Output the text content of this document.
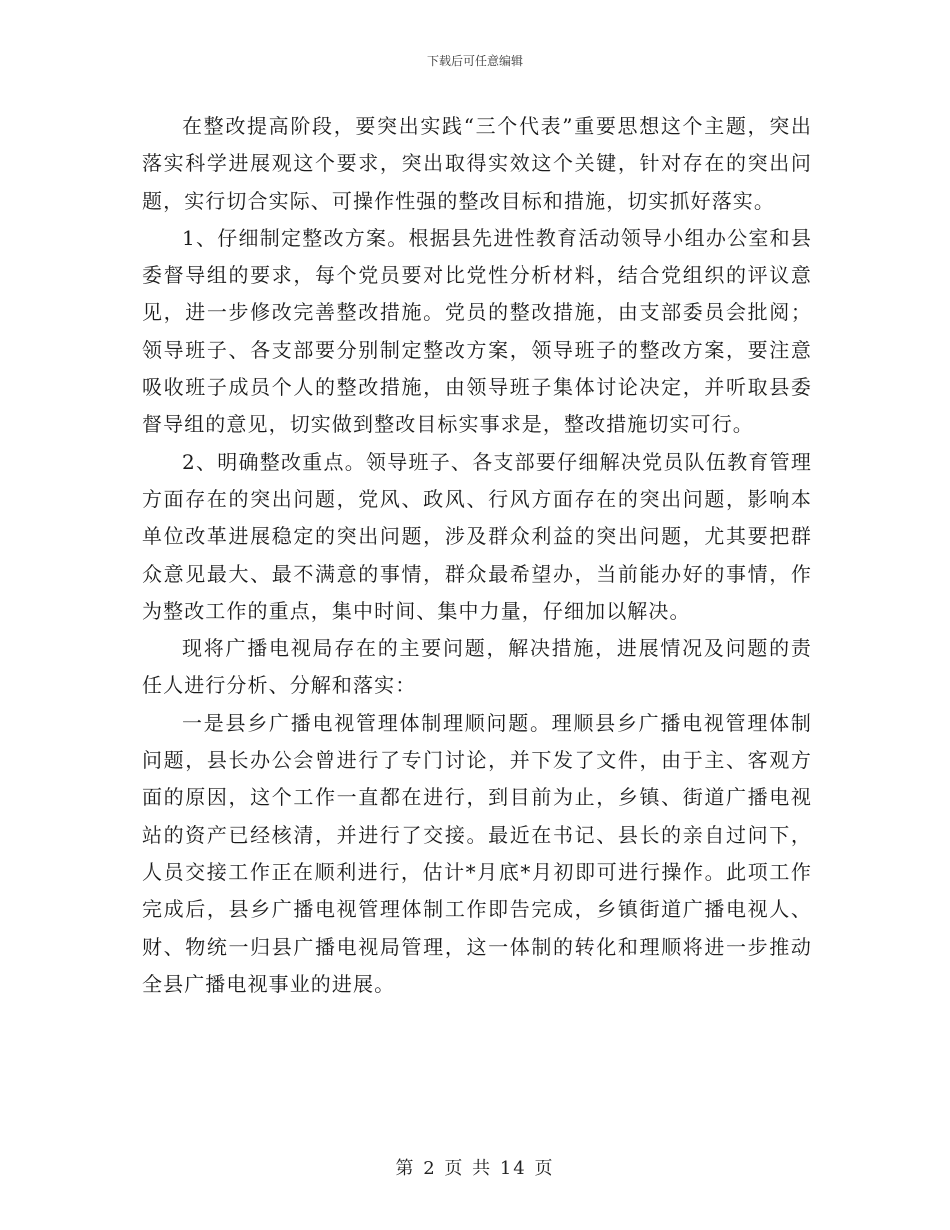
下载后可任意编辑

在整改提高阶段，要突出实践“三个代表”重要思想这个主题，突出落实科学进展观这个要求，突出取得实效这个关键，针对存在的突出问题，实行切合实际、可操作性强的整改目标和措施，切实抓好落实。

1、仔细制定整改方案。根据县先进性教育活动领导小组办公室和县委督导组的要求，每个党员要对比党性分析材料，结合党组织的评议意见，进一步修改完善整改措施。党员的整改措施，由支部委员会批阅；领导班子、各支部要分别制定整改方案，领导班子的整改方案，要注意吸收班子成员个人的整改措施，由领导班子集体讨论决定，并听取县委督导组的意见，切实做到整改目标实事求是，整改措施切实可行。

2、明确整改重点。领导班子、各支部要仔细解决党员队伍教育管理方面存在的突出问题，党风、政风、行风方面存在的突出问题，影响本单位改革进展稳定的突出问题，涉及群众利益的突出问题，尤其要把群众意见最大、最不满意的事情，群众最希望办，当前能办好的事情，作为整改工作的重点，集中时间、集中力量，仔细加以解决。

现将广播电视局存在的主要问题，解决措施，进展情况及问题的责任人进行分析、分解和落实：

一是县乡广播电视管理体制理顺问题。理顺县乡广播电视管理体制问题，县长办公会曾进行了专门讨论，并下发了文件，由于主、客观方面的原因，这个工作一直都在进行，到目前为止，乡镇、街道广播电视站的资产已经核清，并进行了交接。最近在书记、县长的亲自过问下，人员交接工作正在顺利进行，估计*月底*月初即可进行操作。此项工作完成后，县乡广播电视管理体制工作即告完成，乡镇街道广播电视人、财、物统一归县广播电视局管理，这一体制的转化和理顺将进一步推动全县广播电视事业的进展。

第 2 页 共 14 页
